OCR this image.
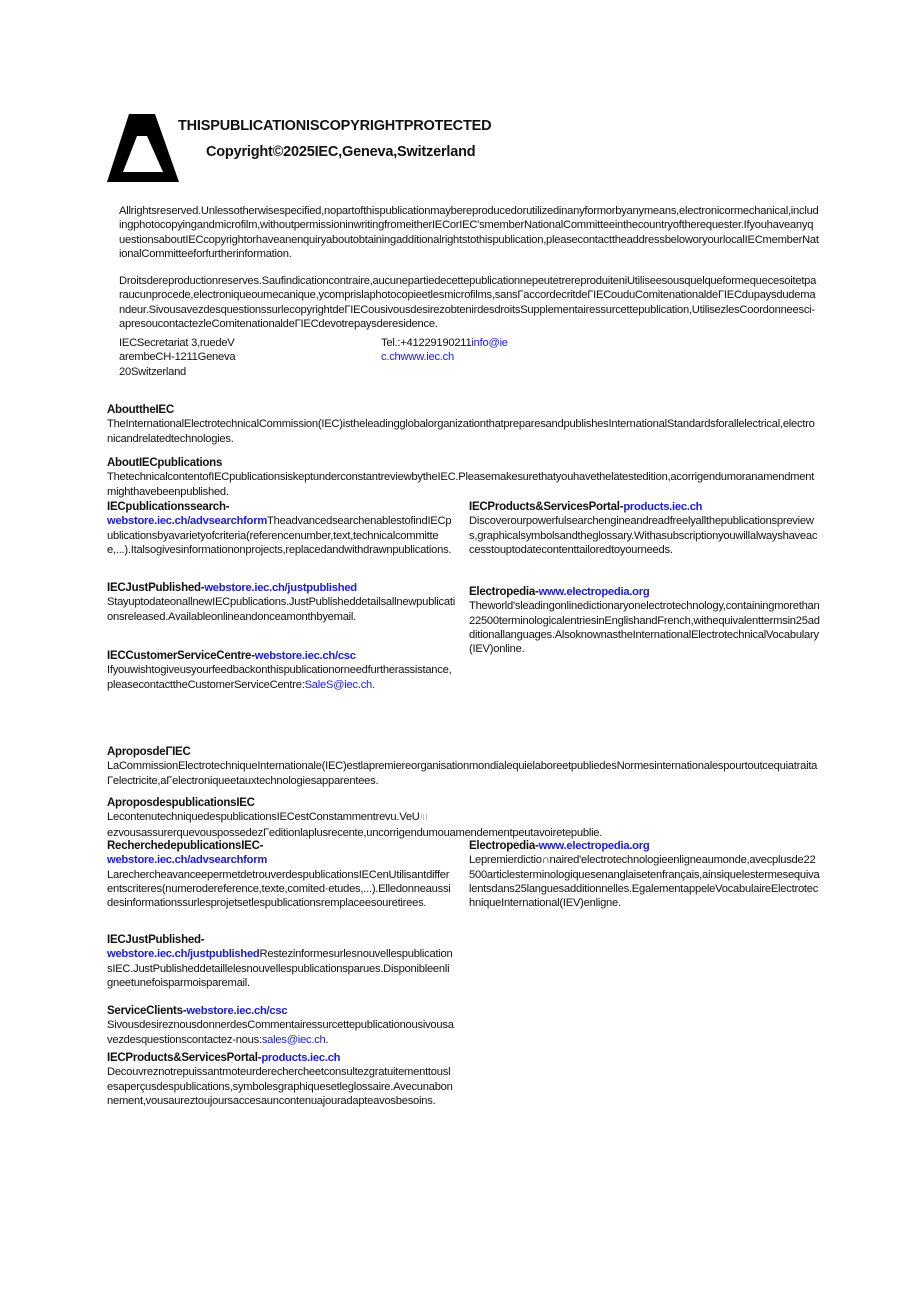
THISPUBLICATIONISCOPYRIGHTPROTECTED
Copyright©2025IEC,Geneva,Switzerland
Allrightsreserved.Unlessotherwisespecified,nopartofthispublicationmaybereproducedorutilizedinanyformorbyanymeans,electronicormechanical,includingphotocopyingandmicrofilm,withoutpermissioninwritingfromeitherIECorIEC'smemberNationalCommitteeinthecountryoftherequester.IfyouhaveanyquestionsaboutIECcopyrightorhaveanenquiryaboutobtainingadditionalrightstothispublication,pleasecontacttheaddressbeloworyourlocalIECmemberNationalCommitteeforfurtherinformation.
Droitsdereproductionreserves.Saufindicationcontraire,aucunepartiedecettepublicationnepeutetrereproduiteniUtiliseesousquelqueformequecesoitetparaucunprocede,electroniqueoumecanique,ycomprislaphotocopieetlesmicrofilms,sansΓaccordecritdeΓIECouduComitenationaldeΓIECdupaysdudemandeur.SivousavezdesquestionssurlecopyrightdeΓIECousivousdesirezobtenirdesdroitsSupplementairessurcettepublication,UtilisezlesCoordonneesci-apresoucontactezleComitenationaldeΓIECdevotrepaysderesidence.
IECSecretariat 3,ruedeVarembeCH-1211Geneva20Switzerland
Tel.:+41229190211info@iec.chwww.iec.ch
AbouttheIEC
TheInternationalElectrotechnicalCommission(IEC)istheleadingglobalorganizationthatpreparesandpublishesInternationalStandardsforallelectrical,electronicandrelatedtechnologies.
AboutIECpublications
ThetechnicalcontentofIECpublicationsiskeptunderconstantreviewbytheIEC.Pleasemakesurethatyouhavethelatestedition,acorrigendumoranamendmentmighthavebeenpublished.
IECpublicationssearch-
webstore.iec.ch/advsearchformTheadvancedsearchenablestofindIECpublicationsbyavarietyofcriteria(referencenumber,text,technicalcommittee,...).Italsogivesinformationonprojects,replacedandwithdrawnpublications.
IECJustPublished-webstore.iec.ch/justpublished
StayuptodateonallnewIECpublications.JustPublisheddetailsallnewpublicationsreleased.Availableonlineandonceamonthbyemail.
IECCustomerServiceCentre-webstore.iec.ch/csc
Ifyouwishtogiveusyourfeedbackonthispublicationorneedfurtherassistance,pleasecontacttheCustomerServiceCentre:SaleS@iec.ch.
IECProducts&ServicesPortal-products.iec.ch
Discoverourpowerfulsearchengineandreadfreelyallthepublicationspreviews,graphicalsymbolsandtheglossary.Withasubscriptionyouwillalwayshaveaccesstouptodatecontenttailoredtoyourneeds.
Electropedia-www.electropedia.org
Theworld'sleadingonlinedictionaryonelectrotechnology,containingmorethan22500terminologicalentriesinEnglishandFrench,withequivalenttermsin25additionallanguages.AlsoknownastheInternationalElectrotechnicalVocabulary(IEV)online.
AproposdeΓIEC
LaCommissionElectrotechniqueInternationale(IEC)estlapremiereorganisationmondialequielaboreetpubliedesNormesinternationalespourtoutcequiatraitaΓelectricite,aΓelectroniqueetauxtechnologiesapparentees.
AproposdespublicationsIEC
LecontenutechniquedespublicationsIECestConstammentrevu.VeU川
ezvousassurerquevouspossedezΓeditionlaplusrecente,uncorrigendumouamendementpeutavoiretepublie.
RecherchedepublicationsIEC-
webstore.iec.ch/advsearchform
LarechercheavanceepermetdetrouverdespublicationsIECenUtilisantdifferentscriteres(numerodereference,texte,comited·etudes,...).Elledonneaussidesinformationssurlesprojetsetlespublicationsremplaceesouretirees.
IECJustPublished-
webstore.iec.ch/justpublishedRestezinformesurlesnouvellespublicationsIEC.JustPublisheddetaillelesnouvellespublicationsparues.Disponibleenligneetunefoisparmoisparemail.
ServiceClients-webstore.iec.ch/csc
SivousdesireznousdonnerdesCommentairessurcettepublicationousivousavezdesquestionscontactez-nous:sales@iec.ch.
IECProducts&ServicesPortal-products.iec.ch
Decouvreznotrepuissantmoteurderechercheetconsultezgratuitementtouslesaperçusdespublications,symbolesgraphiquesetleglossaire.Avecunabonnement,vousaureztoujoursaccesauncontenuajouradapteavosbesoins.
Electropedia-www.electropedia.org
Lepremierdictio∩naired'electrotechnologieenligneaumonde,avecplusde22500articlesterminologiquesenanglaisetenfrançais,ainsiquelestermesequivalentsdans25languesadditionnelles.EgalementappeleVocabulaireElectrotechniqueInternational(IEV)enligne.
